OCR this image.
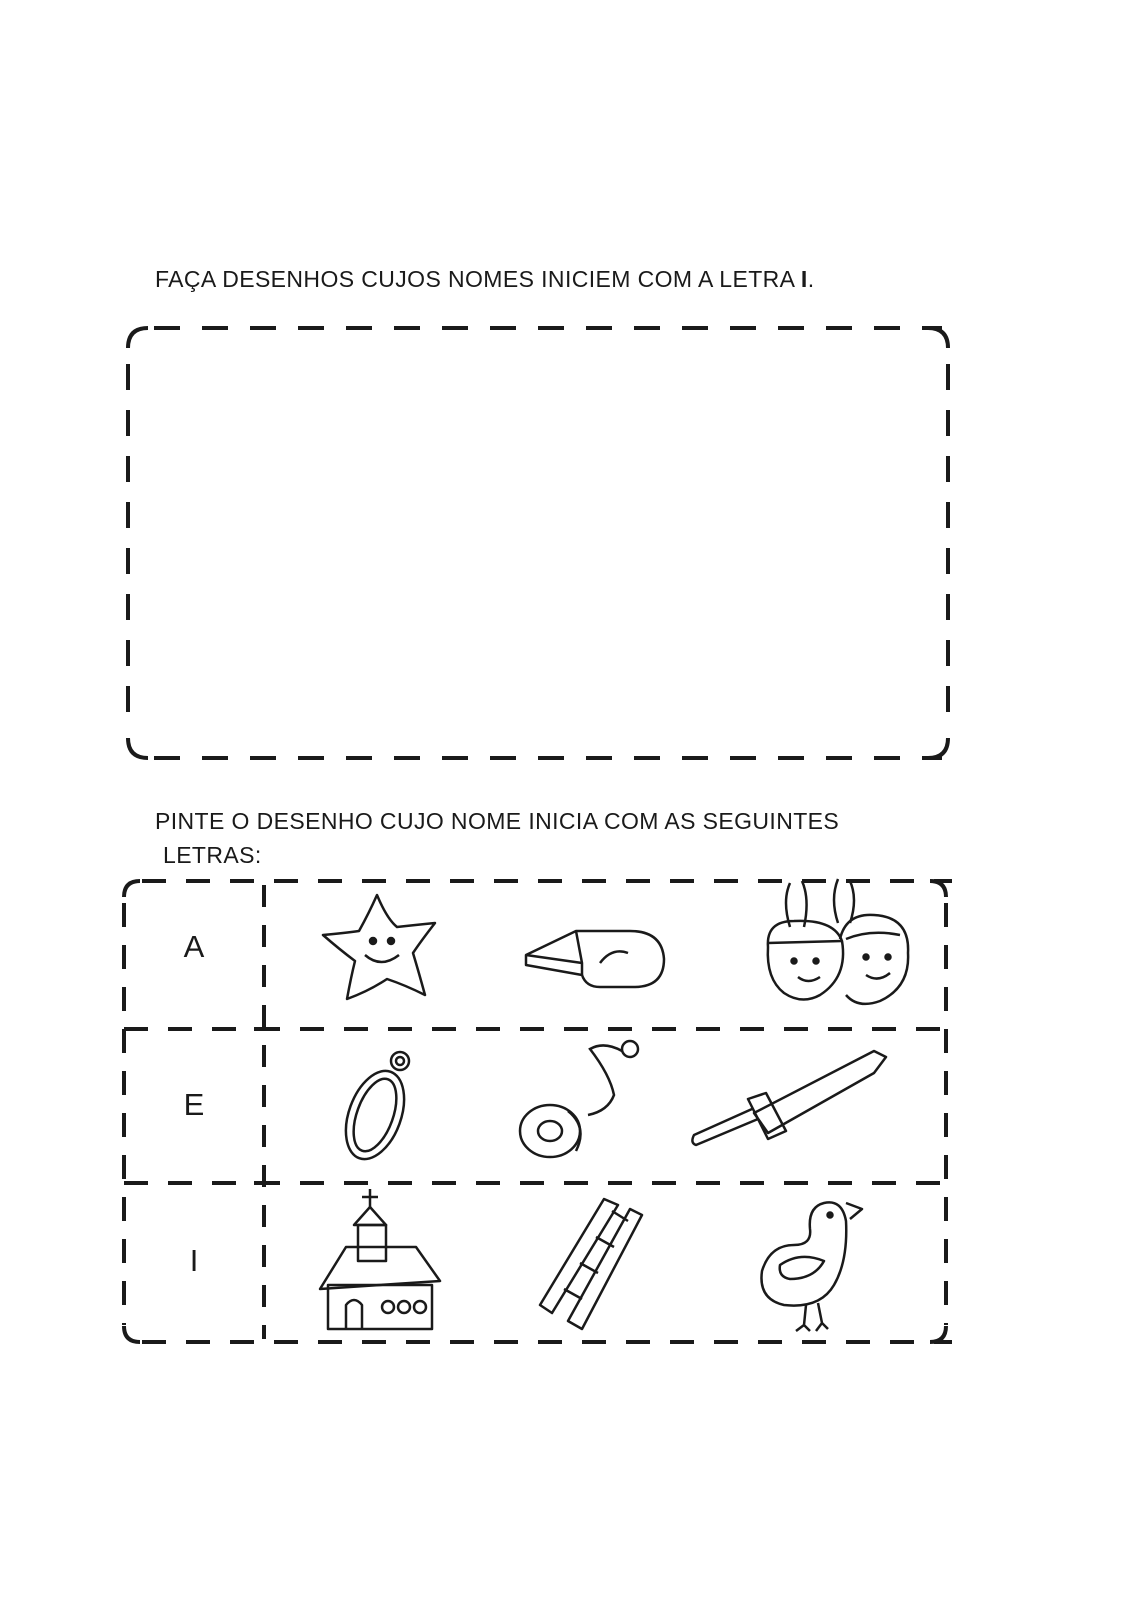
FAÇA DESENHOS CUJOS NOMES INICIEM COM A LETRA I.
PINTE O DESENHO CUJO NOME INICIA COM AS SEGUINTES
LETRAS:
A
E
I
